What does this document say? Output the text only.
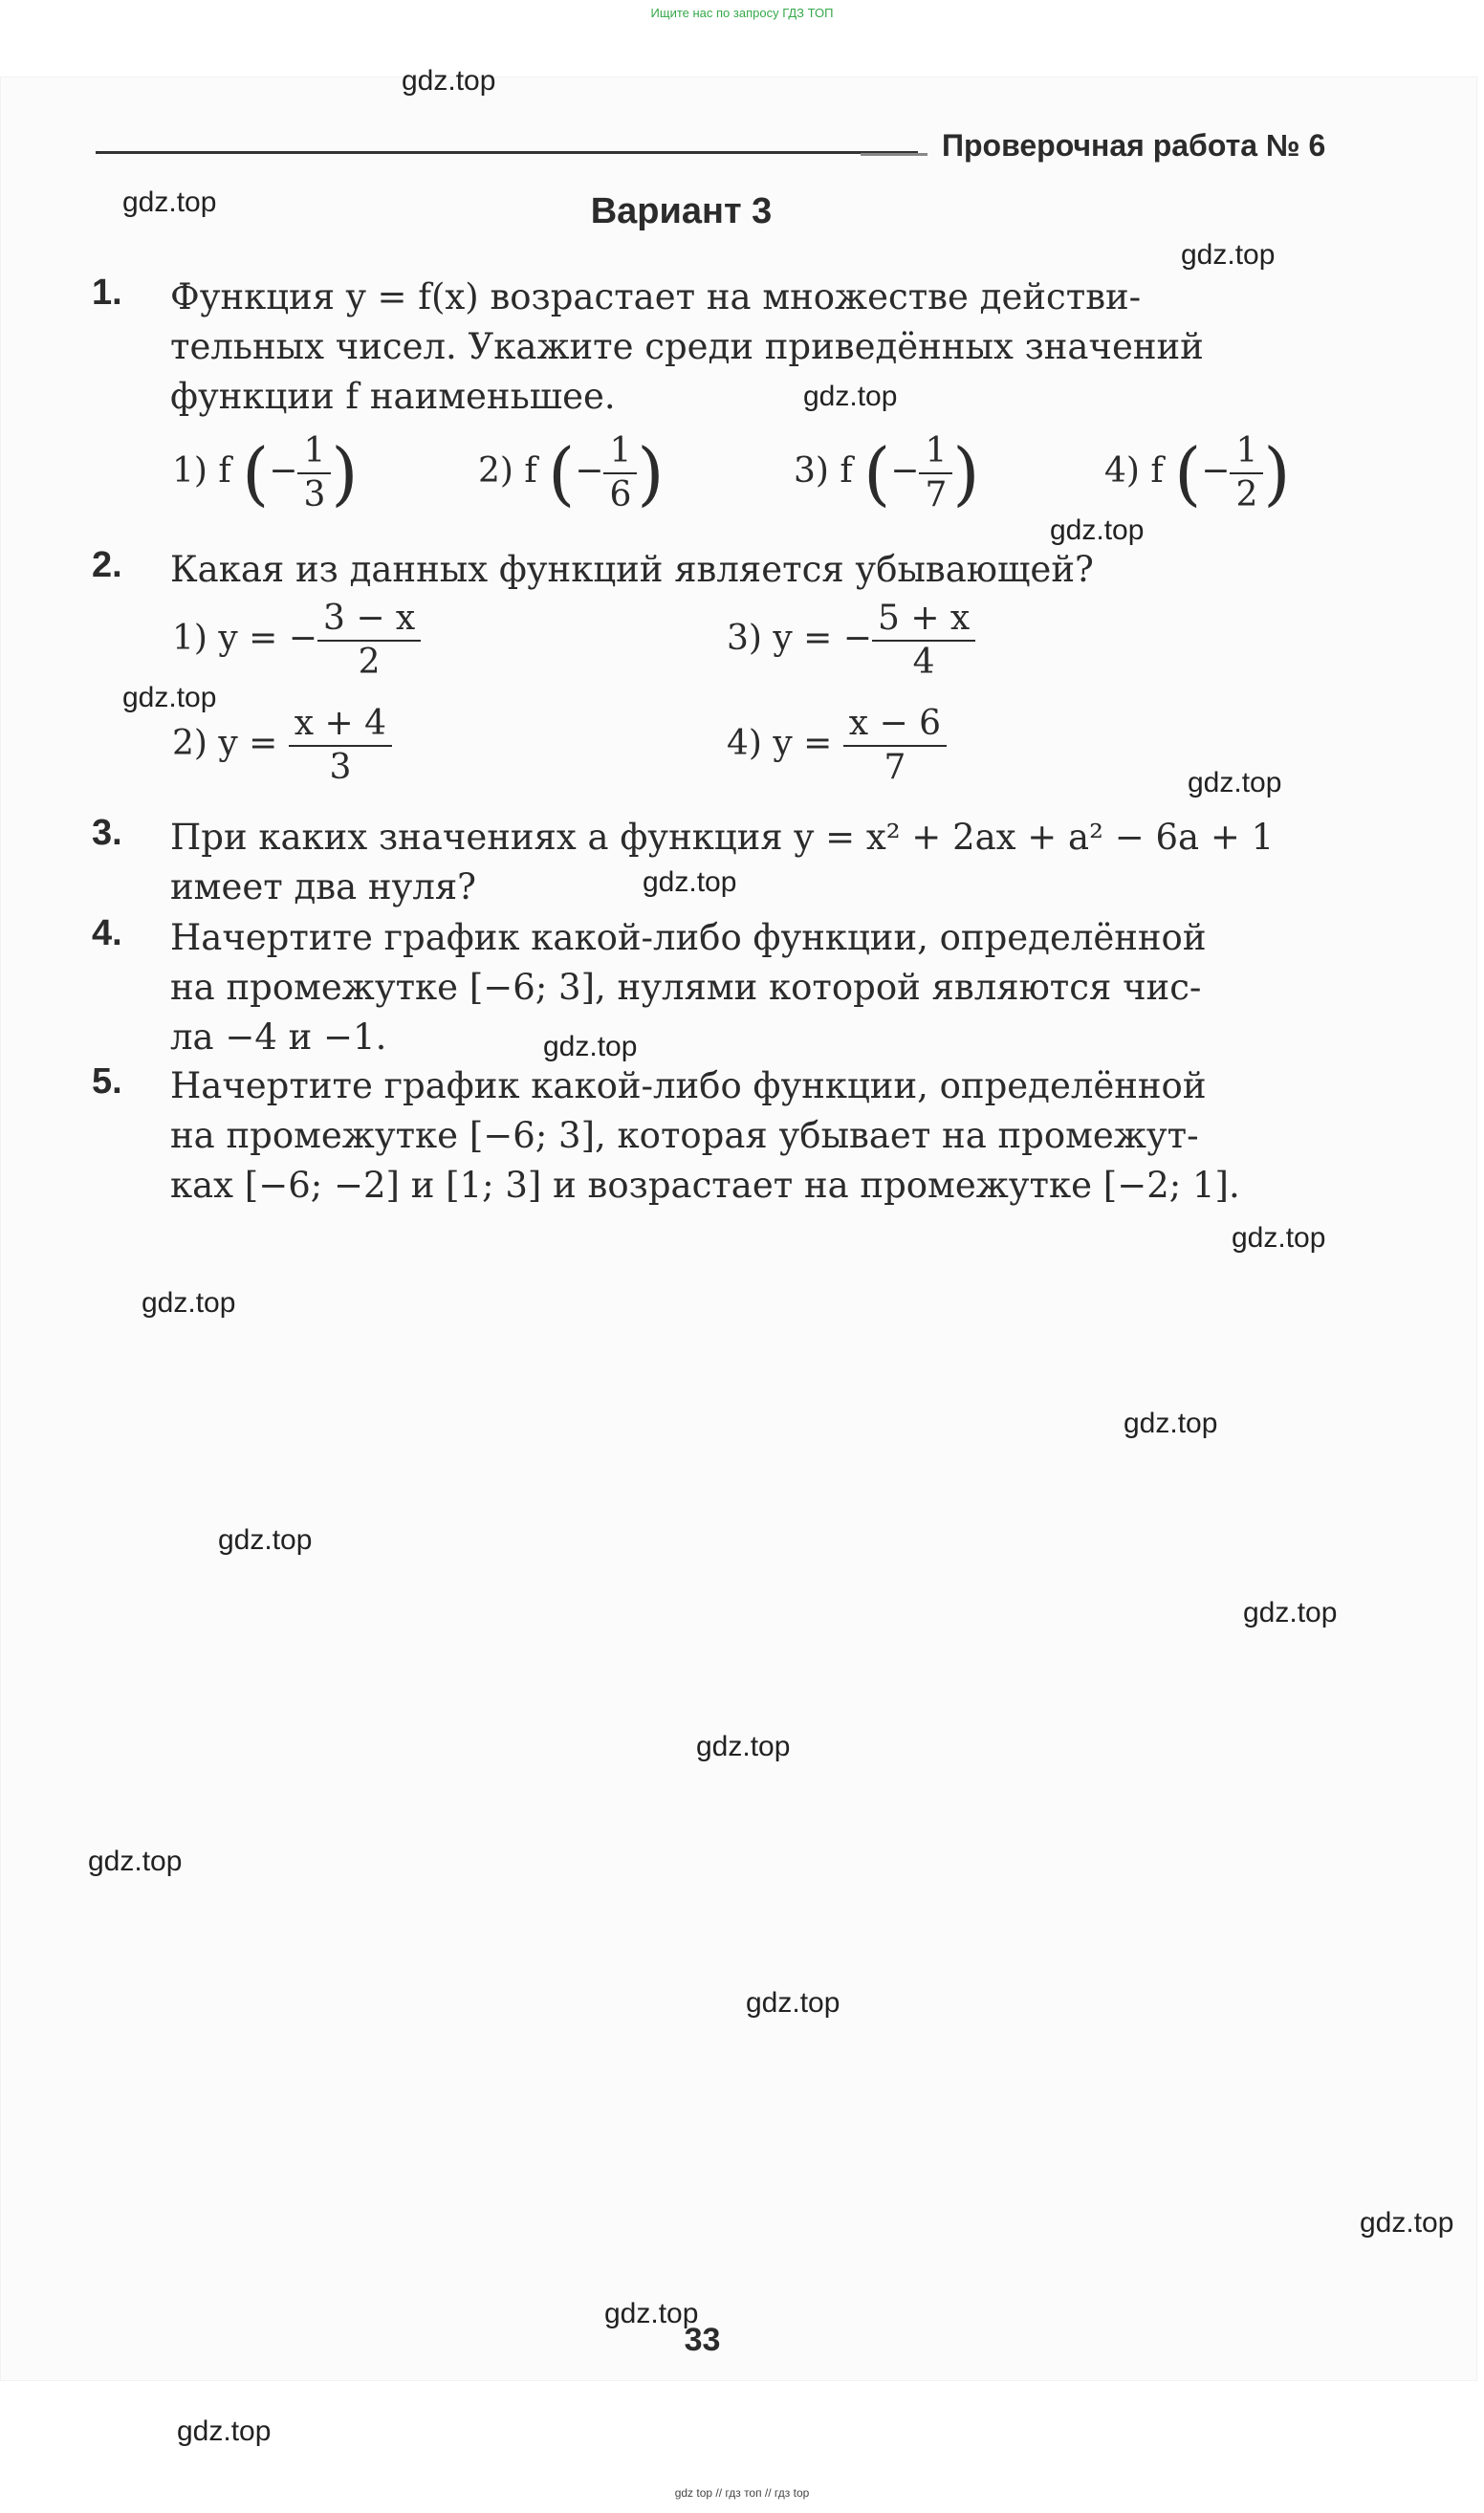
Ищите нас по запросу ГДЗ ТОП
Проверочная работа № 6
Вариант 3
1. Функция y = f(x) возрастает на множестве действи-
тельных чисел. Укажите среди приведённых значений
функции f наименьшее.
1) f (− $\frac{1}{3}$ )	2) f (− $\frac{1}{6}$ )	3) f (− $\frac{1}{7}$ )	4) f (− $\frac{1}{2}$ )
2. Какая из данных функций является убывающей?
1) y = − $\frac{3 - x}{2}$	3) y = − $\frac{5 + x}{4}$
2) $y = \frac{x + 4}{3}$	4) $y = \frac{x - 6}{7}$
3. При каких значениях a функция y = x² + 2ax + a² − 6a + 1
имеет два нуля?
4. Начертите график какой-либо функции, определённой
на промежутке [−6; 3], нулями которой являются чис-
ла −4 и −1.
5. Начертите график какой-либо функции, определённой
на промежутке [−6; 3], которая убывает на промежут-
ках [−6; −2] и [1; 3] и возрастает на промежутке [−2; 1].
33
gdz.top
gdz.top
gdz.top
gdz.top
gdz.top
gdz.top
gdz.top
gdz.top
gdz.top
gdz.top
gdz.top
gdz.top
gdz.top
gdz.top
gdz.top
gdz.top
gdz.top
gdz.top
gdz.top
gdz.top
gdz top // гдз топ // гдз top
